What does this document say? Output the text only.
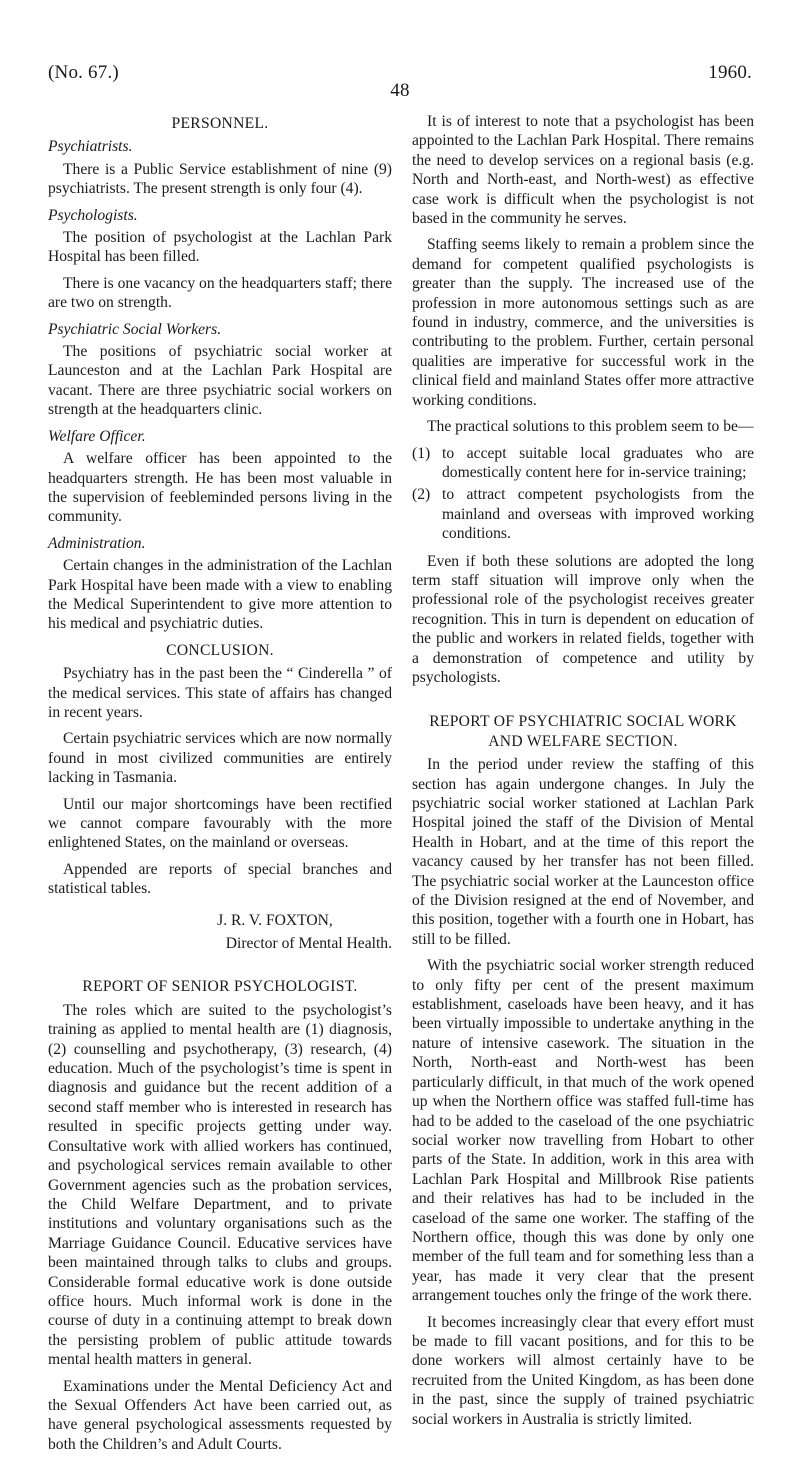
(No. 67.)
48
1960.
PERSONNEL.
Psychiatrists.

There is a Public Service establishment of nine (9) psychiatrists. The present strength is only four (4).

Psychologists.

The position of psychologist at the Lachlan Park Hospital has been filled.

There is one vacancy on the headquarters staff; there are two on strength.

Psychiatric Social Workers.

The positions of psychiatric social worker at Launceston and at the Lachlan Park Hospital are vacant. There are three psychiatric social workers on strength at the headquarters clinic.

Welfare Officer.

A welfare officer has been appointed to the headquarters strength. He has been most valuable in the supervision of feebleminded persons living in the community.

Administration.

Certain changes in the administration of the Lachlan Park Hospital have been made with a view to enabling the Medical Superintendent to give more attention to his medical and psychiatric duties.

CONCLUSION.

Psychiatry has in the past been the “ Cinderella ” of the medical services. This state of affairs has changed in recent years.

Certain psychiatric services which are now normally found in most civilized communities are entirely lacking in Tasmania.

Until our major shortcomings have been rectified we cannot compare favourably with the more enlightened States, on the mainland or overseas.

Appended are reports of special branches and statistical tables.

J. R. V. FOXTON,
Director of Mental Health.
REPORT OF SENIOR PSYCHOLOGIST.

The roles which are suited to the psychologist’s training as applied to mental health are (1) diagnosis, (2) counselling and psychotherapy, (3) research, (4) education. Much of the psychologist’s time is spent in diagnosis and guidance but the recent addition of a second staff member who is interested in research has resulted in specific projects getting under way. Consultative work with allied workers has continued, and psychological services remain available to other Government agencies such as the probation services, the Child Welfare Department, and to private institutions and voluntary organisations such as the Marriage Guidance Council. Educative services have been maintained through talks to clubs and groups. Considerable formal educative work is done outside office hours. Much informal work is done in the course of duty in a continuing attempt to break down the persisting problem of public attitude towards mental health matters in general.

Examinations under the Mental Deficiency Act and the Sexual Offenders Act have been carried out, as have general psychological assessments requested by both the Children’s and Adult Courts.

It is of interest to note that a psychologist has been appointed to the Lachlan Park Hospital. There remains the need to develop services on a regional basis (e.g. North and North-east, and North-west) as effective case work is difficult when the psychologist is not based in the community he serves.

Staffing seems likely to remain a problem since the demand for competent qualified psychologists is greater than the supply. The increased use of the profession in more autonomous settings such as are found in industry, commerce, and the universities is contributing to the problem. Further, certain personal qualities are imperative for successful work in the clinical field and mainland States offer more attractive working conditions.

The practical solutions to this problem seem to be—

(1) to accept suitable local graduates who are domestically content here for in-service training;
(2) to attract competent psychologists from the mainland and overseas with improved working conditions.

Even if both these solutions are adopted the long term staff situation will improve only when the professional role of the psychologist receives greater recognition. This in turn is dependent on education of the public and workers in related fields, together with a demonstration of competence and utility by psychologists.

REPORT OF PSYCHIATRIC SOCIAL WORK AND WELFARE SECTION.

In the period under review the staffing of this section has again undergone changes. In July the psychiatric social worker stationed at Lachlan Park Hospital joined the staff of the Division of Mental Health in Hobart, and at the time of this report the vacancy caused by her transfer has not been filled. The psychiatric social worker at the Launceston office of the Division resigned at the end of November, and this position, together with a fourth one in Hobart, has still to be filled.

With the psychiatric social worker strength reduced to only fifty per cent of the present maximum establishment, caseloads have been heavy, and it has been virtually impossible to undertake anything in the nature of intensive casework. The situation in the North, North-east and North-west has been particularly difficult, in that much of the work opened up when the Northern office was staffed full-time has had to be added to the caseload of the one psychiatric social worker now travelling from Hobart to other parts of the State. In addition, work in this area with Lachlan Park Hospital and Millbrook Rise patients and their relatives has had to be included in the caseload of the same one worker. The staffing of the Northern office, though this was done by only one member of the full team and for something less than a year, has made it very clear that the present arrangement touches only the fringe of the work there.

It becomes increasingly clear that every effort must be made to fill vacant positions, and for this to be done workers will almost certainly have to be recruited from the United Kingdom, as has been done in the past, since the supply of trained psychiatric social workers in Australia is strictly limited.
